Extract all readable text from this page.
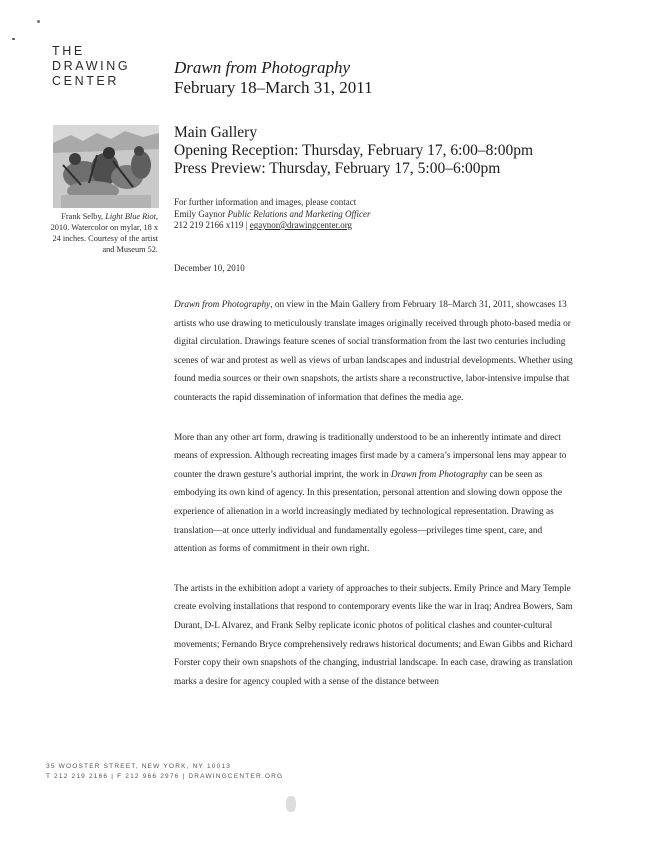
THE
DRAWING
CENTER
Drawn from Photography
February 18–March 31, 2011
Frank Selby, Light Blue Riot, 2010. Watercolor on mylar, 18 x 24 inches. Courtesy of the artist and Museum 52.
Main Gallery
Opening Reception: Thursday, February 17, 6:00–8:00pm
Press Preview: Thursday, February 17, 5:00–6:00pm
For further information and images, please contact
Emily Gaynor Public Relations and Marketing Officer
212 219 2166 x119 | egaynor@drawingcenter.org
December 10, 2010

Drawn from Photography, on view in the Main Gallery from February 18–March 31, 2011, showcases 13 artists who use drawing to meticulously translate images originally received through photo-based media or digital circulation. Drawings feature scenes of social transformation from the last two centuries including scenes of war and protest as well as views of urban landscapes and industrial developments. Whether using found media sources or their own snapshots, the artists share a reconstructive, labor-intensive impulse that counteracts the rapid dissemination of information that defines the media age.

More than any other art form, drawing is traditionally understood to be an inherently intimate and direct means of expression. Although recreating images first made by a camera’s impersonal lens may appear to counter the drawn gesture’s authorial imprint, the work in Drawn from Photography can be seen as embodying its own kind of agency. In this presentation, personal attention and slowing down oppose the experience of alienation in a world increasingly mediated by technological representation. Drawing as translation—at once utterly individual and fundamentally egoless—privileges time spent, care, and attention as forms of commitment in their own right.

The artists in the exhibition adopt a variety of approaches to their subjects. Emily Prince and Mary Temple create evolving installations that respond to contemporary events like the war in Iraq; Andrea Bowers, Sam Durant, D-L Alvarez, and Frank Selby replicate iconic photos of political clashes and counter-cultural movements; Fernando Bryce comprehensively redraws historical documents; and Ewan Gibbs and Richard Forster copy their own snapshots of the changing, industrial landscape. In each case, drawing as translation marks a desire for agency coupled with a sense of the distance between

35 WOOSTER STREET, NEW YORK, NY 10013
T 212 219 2166 | F 212 966 2976 | DRAWINGCENTER.ORG
